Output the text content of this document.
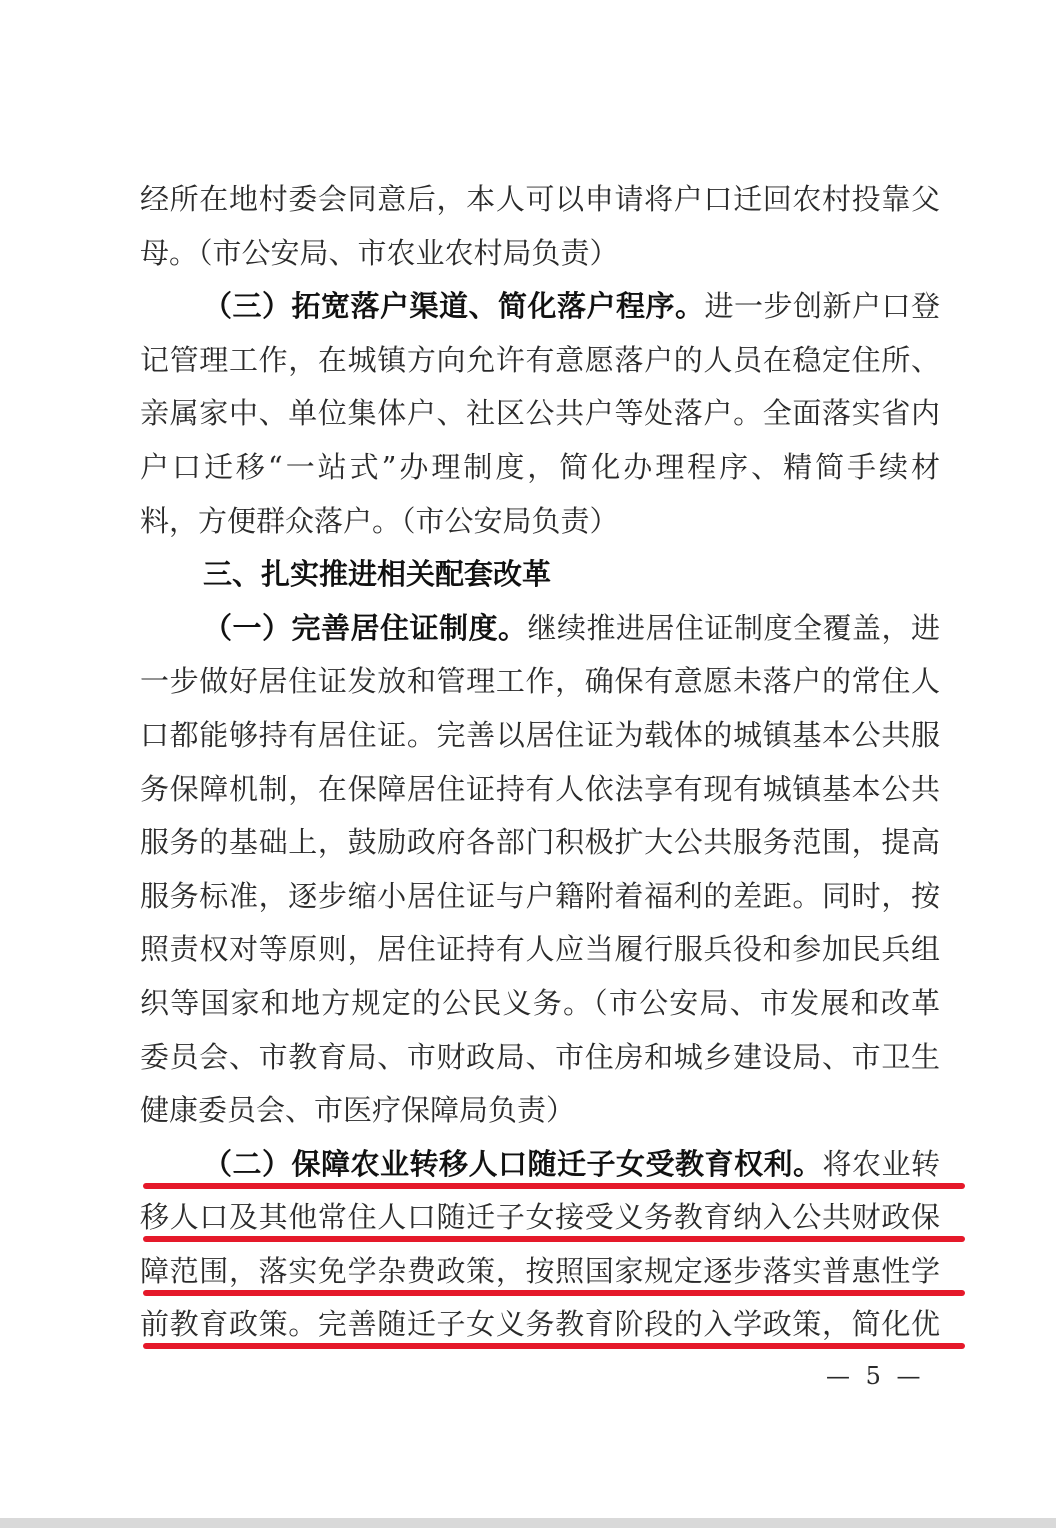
经所在地村委会同意后，本人可以申请将户口迁回农村投靠父
母。（市公安局、市农业农村局负责）
（三）拓宽落户渠道、简化落户程序。进一步创新户口登
记管理工作，在城镇方向允许有意愿落户的人员在稳定住所、
亲属家中、单位集体户、社区公共户等处落户。全面落实省内
户口迁移“一站式”办理制度，简化办理程序、精简手续材
料，方便群众落户。（市公安局负责）
三、扎实推进相关配套改革
（一）完善居住证制度。继续推进居住证制度全覆盖，进
一步做好居住证发放和管理工作，确保有意愿未落户的常住人
口都能够持有居住证。完善以居住证为载体的城镇基本公共服
务保障机制，在保障居住证持有人依法享有现有城镇基本公共
服务的基础上，鼓励政府各部门积极扩大公共服务范围，提高
服务标准，逐步缩小居住证与户籍附着福利的差距。同时，按
照责权对等原则，居住证持有人应当履行服兵役和参加民兵组
织等国家和地方规定的公民义务。（市公安局、市发展和改革
委员会、市教育局、市财政局、市住房和城乡建设局、市卫生
健康委员会、市医疗保障局负责）
（二）保障农业转移人口随迁子女受教育权利。将农业转
移人口及其他常住人口随迁子女接受义务教育纳入公共财政保
障范围，落实免学杂费政策，按照国家规定逐步落实普惠性学
前教育政策。完善随迁子女义务教育阶段的入学政策，简化优
— 5 —
